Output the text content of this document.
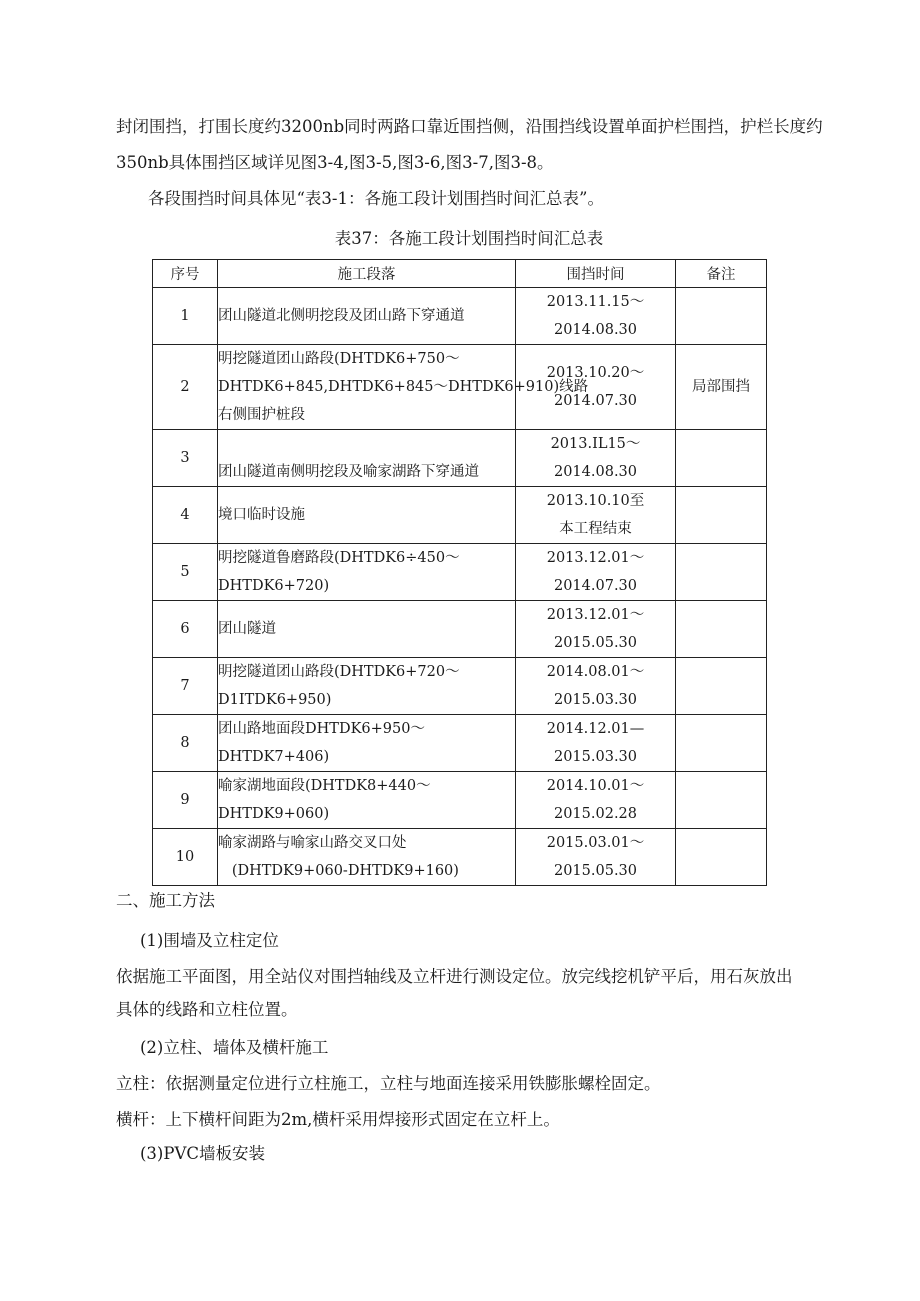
封闭围挡，打围长度约3200nb同时两路口靠近围挡侧，沿围挡线设置单面护栏围挡，护栏长度约

350nb具体围挡区域详见图3-4,图3-5,图3-6,图3-7,图3-8。

各段围挡时间具体见“表3-1：各施工段计划围挡时间汇总表”。

表37：各施工段计划围挡时间汇总表

序号	施工段落	围挡时间	备注
1	团山隧道北侧明挖段及团山路下穿通道	2013.11.15～
2014.08.30	

2	明挖隧道团山路段(DHTDK6+750～
DHTDK6+845,DHTDK6+845～DHTDK6+910)线路
右侧围护桩段	2013.10.20～
2014.07.30	局部围挡
3	团山隧道南侧明挖段及喻家湖路下穿通道	2013.IL15～
2014.08.30	

4	境口临时设施	2013.10.10至
本工程结束	

5	明挖隧道鲁磨路段(DHTDK6÷450～
DHTDK6+720)	2013.12.01～
2014.07.30	

6	团山隧道	2013.12.01～
2015.05.30	

7	明挖隧道团山路段(DHTDK6+720～
D1ITDK6+950)	2014.08.01～
2015.03.30	

8	团山路地面段DHTDK6+950～
DHTDK7+406)	2014.12.01—
2015.03.30	

9	喻家湖地面段(DHTDK8+440～
DHTDK9+060)	2014.10.01～
2015.02.28	

10	喻家湖路与喻家山路交叉口处
(DHTDK9+060-DHTDK9+160)	2015.03.01～
2015.05.30	

二、施工方法

(1)围墙及立柱定位

依据施工平面图，用全站仪对围挡轴线及立杆进行测设定位。放完线挖机铲平后，用石灰放出

具体的线路和立柱位置。

(2)立柱、墙体及横杆施工

立柱：依据测量定位进行立柱施工，立柱与地面连接采用铁膨胀螺栓固定。

横杆：上下横杆间距为2m,横杆采用焊接形式固定在立杆上。

(3)PVC墙板安装
